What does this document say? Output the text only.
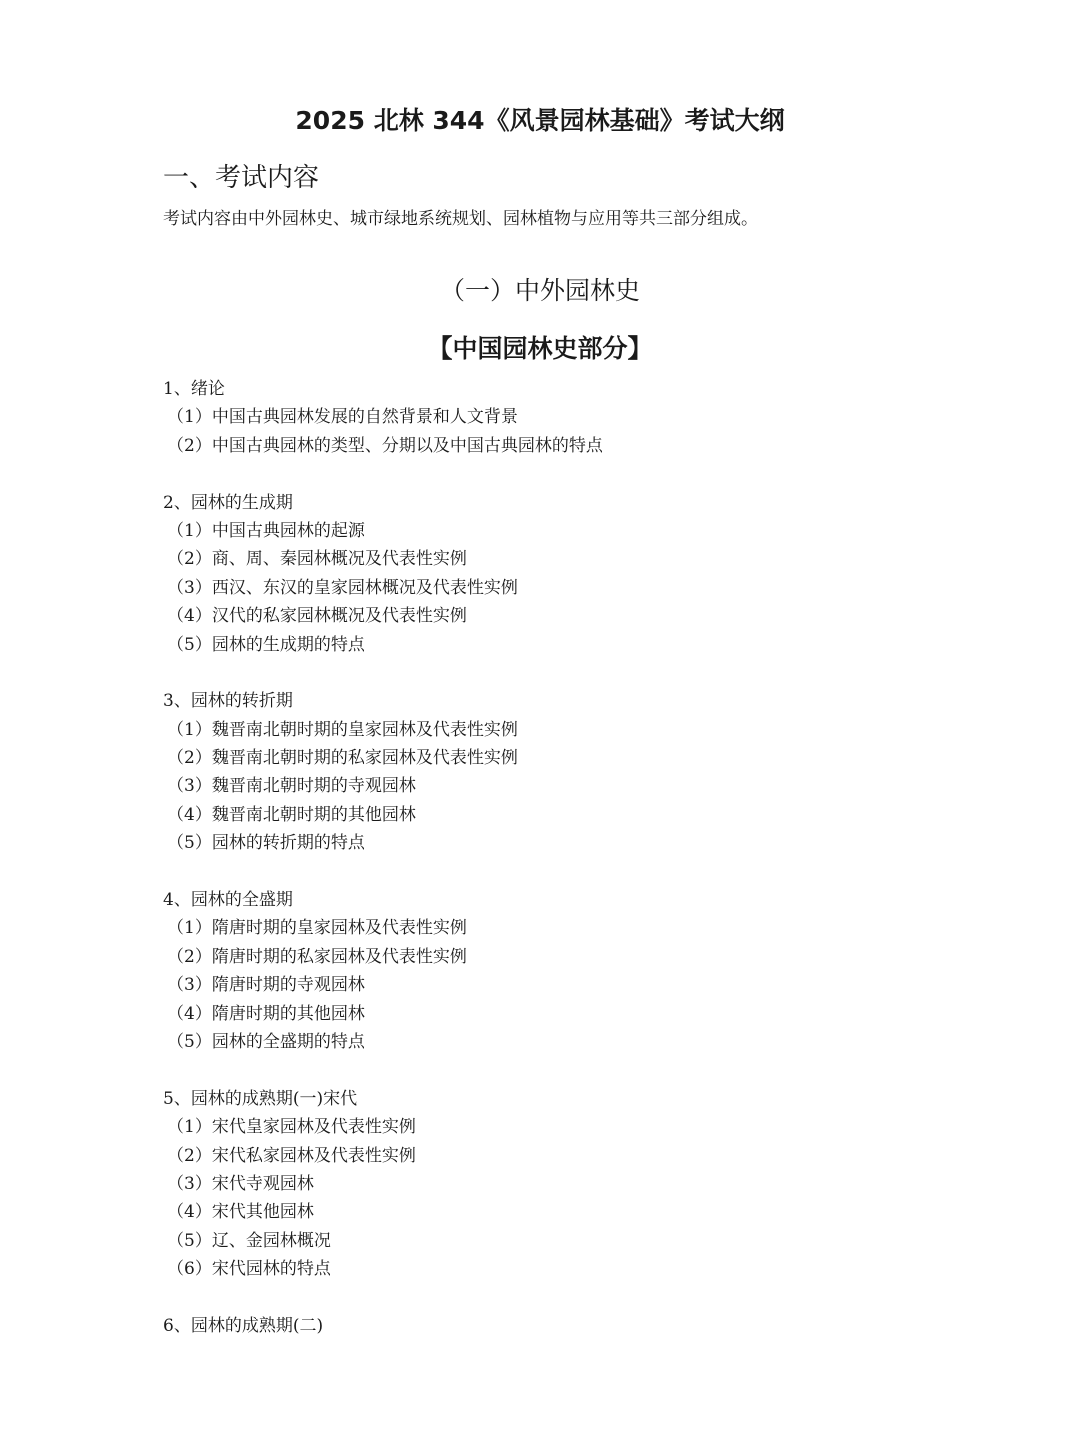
2025 北林 344《风景园林基础》考试大纲
一、考试内容

考试内容由中外园林史、城市绿地系统规划、园林植物与应用等共三部分组成。

（一）中外园林史
【中国园林史部分】
1、绪论
（1）中国古典园林发展的自然背景和人文背景
（2）中国古典园林的类型、分期以及中国古典园林的特点
2、园林的生成期
（1）中国古典园林的起源
（2）商、周、秦园林概况及代表性实例
（3）西汉、东汉的皇家园林概况及代表性实例
（4）汉代的私家园林概况及代表性实例
（5）园林的生成期的特点
3、园林的转折期
（1）魏晋南北朝时期的皇家园林及代表性实例
（2）魏晋南北朝时期的私家园林及代表性实例
（3）魏晋南北朝时期的寺观园林
（4）魏晋南北朝时期的其他园林
（5）园林的转折期的特点
4、园林的全盛期
（1）隋唐时期的皇家园林及代表性实例
（2）隋唐时期的私家园林及代表性实例
（3）隋唐时期的寺观园林
（4）隋唐时期的其他园林
（5）园林的全盛期的特点
5、园林的成熟期(一)宋代
（1）宋代皇家园林及代表性实例
（2）宋代私家园林及代表性实例
（3）宋代寺观园林
（4）宋代其他园林
（5）辽、金园林概况
（6）宋代园林的特点
6、园林的成熟期(二)
